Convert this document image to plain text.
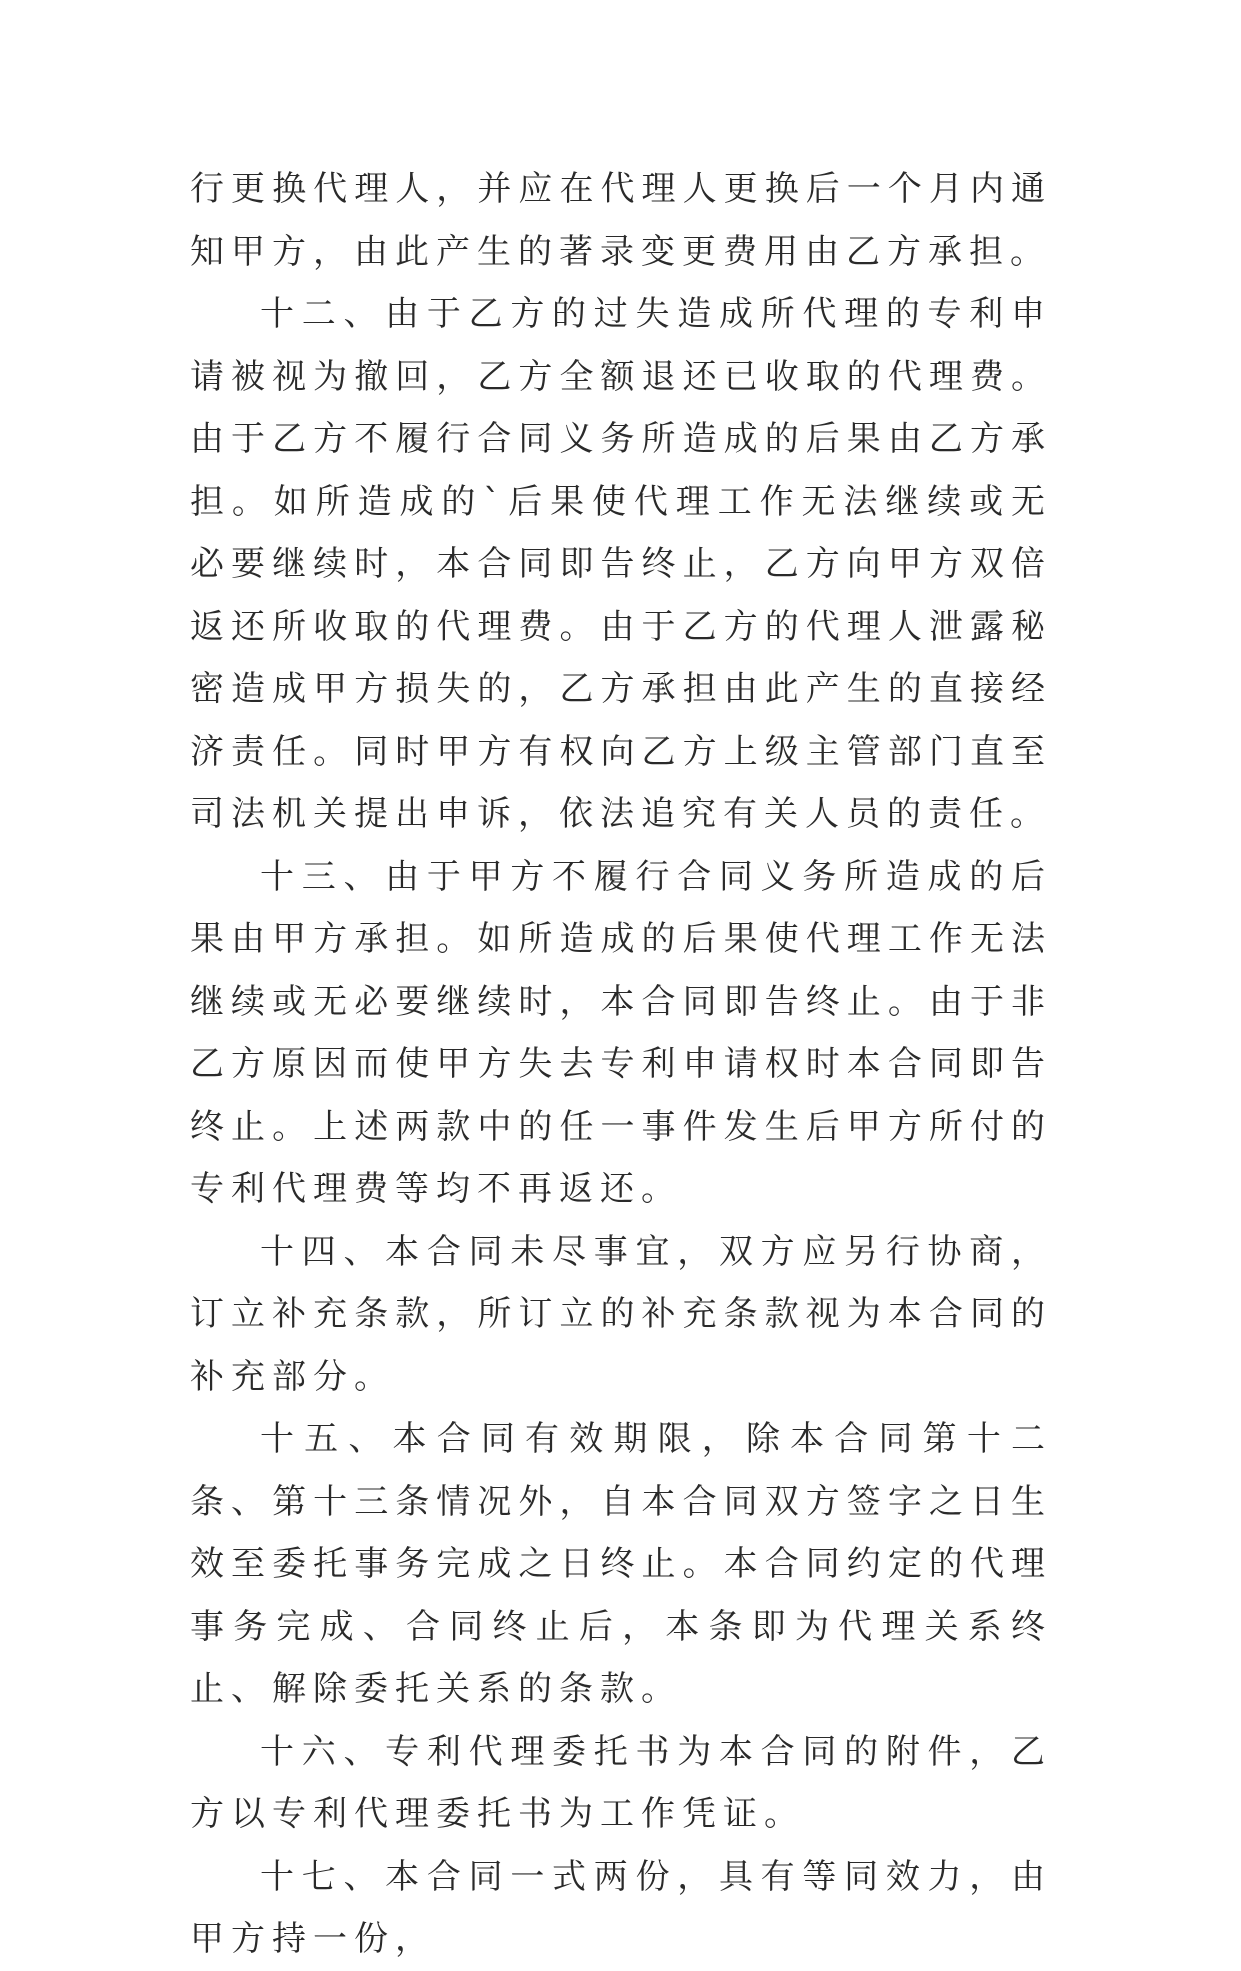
行更换代理人，并应在代理人更换后一个月内通知甲方，由此产生的著录变更费用由乙方承担。

十二、由于乙方的过失造成所代理的专利申请被视为撤回，乙方全额退还已收取的代理费。由于乙方不履行合同义务所造成的后果由乙方承担。如所造成的`后果使代理工作无法继续或无必要继续时，本合同即告终止，乙方向甲方双倍返还所收取的代理费。由于乙方的代理人泄露秘密造成甲方损失的，乙方承担由此产生的直接经济责任。同时甲方有权向乙方上级主管部门直至司法机关提出申诉，依法追究有关人员的责任。

十三、由于甲方不履行合同义务所造成的后果由甲方承担。如所造成的后果使代理工作无法继续或无必要继续时，本合同即告终止。由于非乙方原因而使甲方失去专利申请权时本合同即告终止。上述两款中的任一事件发生后甲方所付的专利代理费等均不再返还。

十四、本合同未尽事宜，双方应另行协商，订立补充条款，所订立的补充条款视为本合同的补充部分。

十五、本合同有效期限，除本合同第十二条、第十三条情况外，自本合同双方签字之日生效至委托事务完成之日终止。本合同约定的代理事务完成、合同终止后，本条即为代理关系终止、解除委托关系的条款。

十六、专利代理委托书为本合同的附件，乙方以专利代理委托书为工作凭证。

十七、本合同一式两份，具有等同效力，由甲方持一份，
